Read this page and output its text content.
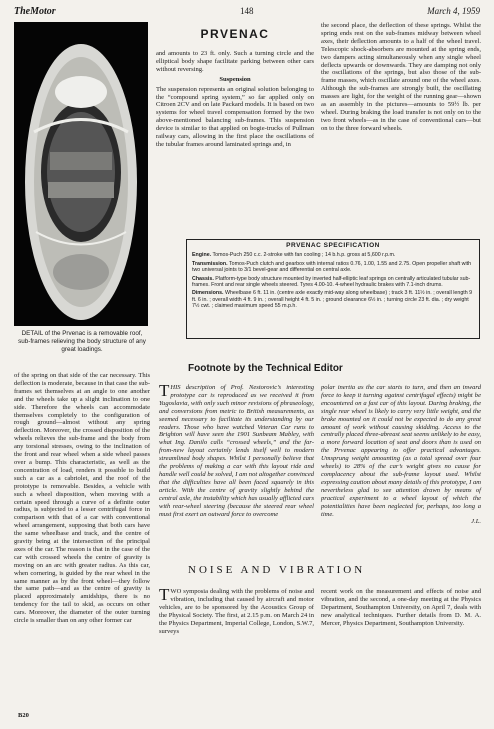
TheMotor	148	March 4, 1959
DETAIL of the Prvenac is a removable roof, sub-frames relieving the body structure of any great loadings.
PRVENAC

and amounts to 23 ft. only. Such a turning circle and the elliptical body shape facilitate parking between other cars without reversing.

Suspension

The suspension represents an original solution belonging to the “compound spring system,” so far applied only on Citroen 2CV and on late Packard models. It is based on two systems for wheel travel compensation formed by the two above-mentioned balancing sub-frames. This suspension device is similar to that applied on bogie-trucks of Pullman railway cars, allowing in the first place the oscillations of the tubular frames around laminated springs and, in

the second place, the deflection of these springs. Whilst the spring ends rest on the sub-frames midway between wheel axes, their deflection amounts to a half of the wheel travel. Telescopic shock-absorbers are mounted at the spring ends, two dampers acting simultaneously when any single wheel deflects upwards or downwards. They are damping not only the oscillations of the springs, but also those of the sub-frame masses, which oscillate around one of the wheel axes. Although the sub-frames are strongly built, the oscillating masses are light, for the weight of the running gear—shown as an assembly in the pictures—amounts to 59½ lb. per wheel. During braking the load transfer is not only on to the two front wheels—as in the case of conventional cars—but on to the three forward wheels.

PRVENAC SPECIFICATION

Engine. Tomos-Puch 250 c.c. 2-stroke with fan cooling ; 14 b.h.p. gross at 5,600 r.p.m.

Transmission. Tomos-Puch clutch and gearbox with internal ratios 0.76, 1.00, 1.55 and 2.75. Open propeller shaft with two universal joints to 3/1 bevel-gear and differential on central axle.

Chassis. Platform-type body structure mounted by inverted half-elliptic leaf springs on centrally articulated tubular sub-frames. Front and rear single wheels steered. Tyres 4.00-10. 4-wheel hydraulic brakes with 7.1-inch drums.

Dimensions. Wheelbase 6 ft. 11 in. (centre axle exactly mid-way along wheelbase) ; track 3 ft. 11½ in. ; overall length 9 ft. 6 in. ; overall width 4 ft. 9 in. ; overall height 4 ft. 5 in. ; ground clearance 6½ in. ; turning circle 23 ft. dia. ; dry weight 7½ cwt. ; claimed maximum speed 55 m.p.h.

of the spring on that side of the car necessary. This deflection is moderate, because in that case the sub-frames set themselves at an angle to one another and the wheels take up a slight inclination to one side. Therefore the wheels can accommodate themselves completely to the configuration of rough ground—almost without any spring deflection. Moreover, the crossed disposition of the wheels relieves the sub-frame and the body from any torsional stresses, owing to the inclination of the front and rear wheel when a side wheel passes over a bump. This characteristic, as well as the concentration of load, renders it possible to build such a car as a cabriolet, and the roof of the prototype is removable. Besides, a vehicle with such a wheel disposition, when moving with a certain speed through a curve of a definite outer radius, is subjected to a lesser centrifugal force in comparison with that of a car with conventional wheel arrangement, supposing that both cars have the same wheelbase and track, and the centre of gravity being at the intersection of the principal axes of the car. The reason is that in the case of the car with crossed wheels the centre of gravity is moving on an arc with greater radius. As this car, when cornering, is guided by the rear wheel in the same manner as by the front wheel—they follow the same path—and as the centre of gravity is placed approximately amidships, there is no tendency for the tail to skid, as occurs on other cars. Moreover, the diameter of the outer turning circle is smaller than on any other former car

Footnote by the Technical Editor

THIS description of Prof. Nestorovic’s interesting prototype car is reproduced as we received it from Yugoslavia, with only such minor revisions of phraseology, and conversions from metric to British measurements, as seemed necessary to facilitate its understanding by our readers. Those who have watched Veteran Car runs to Brighton will have seen the 1901 Sunbeam Mabley, with what Ing. Danilo calls “crossed wheels,” and the far-from-new layout certainly lends itself well to modern streamlined body shapes. Whilst I personally believe that the problems of making a car with this layout ride and handle well could be solved, I am not altogether convinced that the difficulties have all been faced squarely in this article. With the centre of gravity slightly behind the central axle, the instability which has usually afflicted cars with rear-wheel steering (because the steered rear wheel must first exert an outward force to overcome

polar inertia as the car starts to turn, and then an inward force to keep it turning against centrifugal effects) might be encountered on a fast car of this layout. During braking, the single rear wheel is likely to carry very little weight, and the brake mounted on it could not be expected to do any great amount of work without causing skidding. Access to the centrally placed three-abreast seat seems unlikely to be easy, a more forward location of seat and doors than is used on the Prvenac appearing to offer practical advantages. Umsprung weight amounting (as a total spread over four wheels) to 28% of the car’s weight gives no cause for complacency about the sub-frame layout used. Whilst expressing caution about many details of this prototype, I am nevertheless glad to see attention drawn by means of practical experiment to a wheel layout of which the potentialities have been neglected for, perhaps, too long a time.

J.L.

NOISE AND VIBRATION

TWO symposia dealing with the problems of noise and vibration, including that caused by aircraft and motor vehicles, are to be sponsored by the Acoustics Group of the Physical Society. The first, at 2.15 p.m. on March 24 in the Physics Department, Imperial College, London, S.W.7, surveys

recent work on the measurement and effects of noise and vibration, and the second, a one-day meeting at the Physics Department, Southampton University, on April 7, deals with new analytical techniques. Further details from D. M. A. Mercer, Physics Department, Southampton University.

B20
